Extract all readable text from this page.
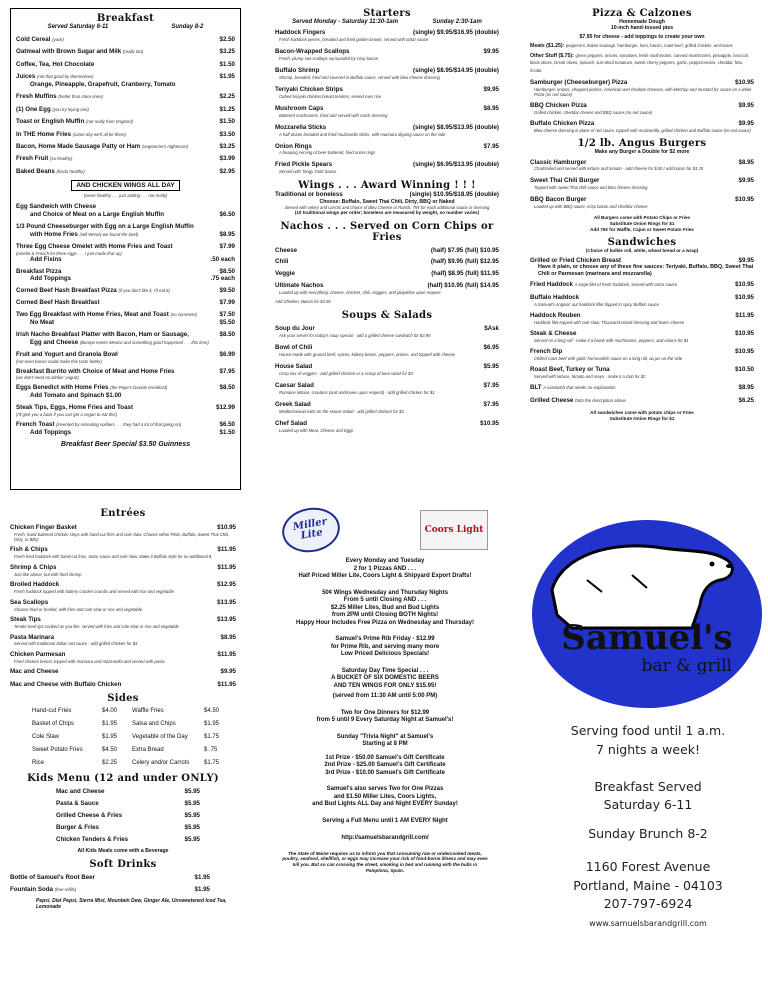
Breakfast
Served Saturday 6-11	Sunday 8-2
Cold Cereal (yuck)	$2.50
Oatmeal with Brown Sugar and Milk (really too)	$3.25
Coffee, Tea, Hot Chocolate	$1.50
Juices (not that good by themselves)	$1.95
Orange, Pineapple, Grapefruit, Cranberry, Tomato
Fresh Muffins (better than store ones)	$2.25
(1) One Egg (you try laying one)	$1.25
Toast or English Muffin (not really from England)	$1.50
In THE Home Fries (same day we'll all be there)	$3.50
Bacon, Home Made Sausage Patty or Ham (vegetarian's nightmare)	$3.25
Fresh Fruit (so healthy)	$3.99
Baked Beans (kinda healthy)	$2.95
AND CHICKEN WINGS ALL DAY
(never healthy . . . just adding . . . not really)
Egg Sandwich with Cheese
and Choice of Meat on a Large English Muffin	$6.50
1/3 Pound Cheeseburger with Egg on a Large English Muffin
with Home Fries (still Wendy we found the beef)	$8.95
Three Egg Cheese Omelet with Home Fries and Toast	$7.99
(omelet & French for three eggs . . . I just made that up)
Add Fixins	.50 each
Breakfast Pizza	$8.50
Add Toppings	.75 each
Corned Beef Hash Breakfast Pizza (if you don't like it, I'll eat it)	$9.50
Corned Beef Hash Breakfast	$7.99
Two Egg Breakfast with Home Fries, Meat and Toast (no comment)	$7.50
No Meat	$5.50
Irish Nacho Breakfast Platter with Bacon, Ham or Sausage,	$8.50
Egg and Cheese (Bumpo meets Mexico and something good happened . . . this time)
Fruit and Yogurt and Granola Bowl	$6.99
(not even bacon could make this taste better)
Breakfast Burrito with Choice of Meat and Home Fries	$7.95
(we don't need no stinkin' yogurt)
Eggs Benedict with Home Fries (the Pope's favorite breakfast)	$8.50
Add Tomato and Spinach $1.00
Steak Tips, Eggs, Home Fries and Toast	$12.99
(I'll give you a buck if you can get a vegan to eat this)
French Toast (invented by retreating soldiers . . . they had a lot of that going on)	$6.50
Add Toppings	$1.50
Breakfast Beer Special $3.50 Guinness
Starters
Served Monday - Saturday 11:30-1am	Sunday 2:30-1am
Haddock Fingers	(single) $9.95/$16.95 (double)
Fresh haddock pieces, breaded and fried golden brown, served with tartar sauce
Bacon-Wrapped Scallops	$9.95
Fresh, plump sea scallops surrounded by crisp bacon
Buffalo Shrimp	(single) $8.95/$14.95 (double)
Shrimp, breaded, fried and covered in Buffalo sauce, served with bleu cheese dressing
Teriyaki Chicken Strips	$9.95
Cubed teriyaki chicken breast tenders, served over rice
Mushroom Caps	$8.95
Battered mushrooms, fried and served with ranch dressing
Mozzarella Sticks	(single) $8.95/$13.95 (double)
A half-dozen breaded and fried mozzarella sticks, with marinara dipping sauce on the side
Onion Rings	$7.95
A heaping serving of beer-battered, fried onion rings
Fried Pickle Spears	(single) $6.95/$13.95 (double)
Served with Tangy Gold Sauce
Wings . . . Award Winning ! ! !
Traditional or boneless	(single) $10.95/$18.95 (double)
Choose: Buffalo, Sweet Thai Chili, Dirty, BBQ or Naked
Served with celery and carrots and choice of Bleu Cheese or Ranch, 75¢ for each additional sauce or dressing
(10 traditional wings per order; boneless are measured by weight, so number varies)
Nachos . . . Served on Corn Chips or Fries
Cheese	(half) $7.95 (full) $10.95
Chili	(half) $9.95 (full) $12.95
Veggie	(half) $8.95 (full) $11.95
Ultimate Nachos	(half) $10.95 (full) $14.95
Loaded up with everything: cheese, chicken, chili, veggies, and jalapeños upon request
Add Chicken, Bacon for $3.50
Soups & Salads
Soup du Jour	$Ask
Ask your server for today's soup special - add a grilled cheese sandwich for $3.95
Bowl of Chili	$6.95
House-made with ground beef, spices, kidney beans, peppers, onions, and topped with cheese
House Salad	$5.95
Crisp mix of veggies - add grilled chicken or a scoop of tuna salad for $3
Caesar Salad	$7.95
Romaine lettuce, croutons (and anchovies upon request) - add grilled chicken for $3
Greek Salad	$7.95
Mediterranean twist on the House Salad - add grilled chicken for $3
Chef Salad	$10.95
Loaded up with Meat, Cheese and Eggs
Pizza & Calzones
Homemade Dough
10-inch hand-tossed pies
$7.95 for cheese - add toppings to create your own
Meats ($1.25): pepperoni, Italian sausage, hamburger, ham, bacon, roast beef, grilled chicken, anchovies
Other Stuff ($.75): green peppers, onions, tomatoes, fresh mushrooms, canned mushrooms, pineapple, broccoli, black olives, Greek olives, spinach, sun-dried tomatoes, sweet cherry peppers, garlic, pepperoncinis, cheddar, feta, ricotta
Samburger (Cheeseburger) Pizza	$10.95
Hamburger, onions, chopped pickles, American and cheddar cheeses, with ketchup and mustard for sauce on a white Pizza (as red sauce)
BBQ Chicken Pizza	$9.95
Grilled chicken, cheddar cheese and BBQ sauce (no red sauce)
Buffalo Chicken Pizza	$9.95
Bleu cheese dressing in place of red sauce, topped with mozzarella, grilled chicken and Buffalo sauce (no red sauce)
1/2 lb. Angus Burgers
Make any Burger a Double for $2 more
Classic Hamburger	$8.95
Charbroiled and served with lettuce and tomato - add cheese for $.50 / add bacon for $1.25
Sweet Thai Chili Burger	$9.95
Topped with sweet Thai chili sauce and bleu cheese dressing
BBQ Bacon Burger	$10.95
Loaded up with BBQ sauce, crisp bacon and cheddar cheese
All Burgers come with Potato Chips or Fries
Substitute Onion Rings for $1
Add 75¢ for Waffle, Cajun or Sweet Potato Fries
Sandwiches
(Choice of bulkie roll, white, wheat bread or a wrap)
Grilled or Fried Chicken Breast	$9.95
Have it plain, or choose any of these fine sauces: Teriyaki, Buffalo, BBQ, Sweet Thai Chili or Parmesan (marinara and mozzarella)
Fried Haddock A large filet of fresh haddock, served with tartar sauce	$10.95
Buffalo Haddock	$10.95
A Samuel's original: our haddock fillet dipped in spicy Buffalo sauce
Haddock Reuben	$11.95
Haddock filet topped with cole slaw, Thousand Island dressing and Swiss cheese
Steak & Cheese	$10.95
Served on a long roll - make it a bomb with mushrooms, peppers, and onions for $1
French Dip	$10.95
Chilled roast beef with garlic horseradish sauce on a long roll, au jus on the side
Roast Beef, Turkey or Tuna	$10.50
Served with lettuce, tomato and mayo - make it a club for $2
BLT A sandwich that needs no explanation	$8.95
Grilled Cheese Ditto the description above	$6.25
All sandwiches come with potato chips or Fries
Substitute Onion Rings for $1
Entrées
Chicken Finger Basket	$10.95
Fresh, hand-battered chicken strips with hand-cut fries and cole slaw. Choose either Plain, Buffalo, Sweet Thai Chili, Dirty, or BBQ
Fish & Chips	$11.95
Fresh fried haddock with hand-cut fries, tartar sauce and cole slaw. Make it Buffalo style for no additional $
Shrimp & Chips	$11.95
Just like above, but with fried shrimp
Broiled Haddock	$12.95
Fresh haddock topped with buttery cracker crumbs and served with rice and vegetable
Sea Scallops	$13.95
Choose fried or broiled, with fries and cole slaw or rice and vegetable
Steak Tips	$13.95
Tender beef tips cooked as you like, served with fries and cole slaw or rice and vegetable
Pasta Marinara	$8.95
Served with traditional Italian red sauce - add grilled chicken for $3
Chicken Parmesan	$11.95
Fried chicken breast, topped with marinara and mozzarella and served with pasta
Mac and Cheese	$9.95
Mac and Cheese with Buffalo Chicken	$11.95
Sides
Hand-cut Fries	$4.00	Waffle Fries	$4.50
Basket of Chips	$1.95	Salsa and Chips	$1.95
Cole Slaw	$1.95	Vegetable of the Day	$1.75
Sweet Potato Fries	$4.50	Extra Bread	$ .75
Rice	$2.25	Celery and/or Carrots	$1.75
Kids Menu (12 and under ONLY)
Mac and Cheese	$5.95
Pasta & Sauce	$5.95
Grilled Cheese & Fries	$5.95
Burger & Fries	$5.95
Chicken Tenders & Fries	$5.95
All Kids Meals come with a Beverage
Soft Drinks
Bottle of Samuel's Root Beer	$1.95
Fountain Soda (free refills)	$1.95
Pepsi, Diet Pepsi, Sierra Mist, Mountain Dew, Ginger Ale, Unsweetened Iced Tea, Lemonade
Miller Lite	Coors Light

Every Monday and Tuesday

2 for 1 Pizzas AND . . .

Half Priced Miller Lite, Coors Light & Shipyard Export Drafts!

50¢ Wings Wednesday and Thursday Nights

From 5 until Closing AND . . .

$2.25 Miller Lites, Bud and Bud Lights

from 2PM until Closing BOTH Nights!

Happy Hour Includes Free Pizza on Wednesday and Thursday!

Samuel's Prime Rib Friday - $12.99

for Prime Rib, and serving many more

Low Priced Delicious Specials!

Saturday Day Time Special . . .

A BUCKET OF SIX DOMESTIC BEERS

AND TEN WINGS FOR ONLY $15.95!

(served from 11:30 AM until 5:00 PM)

Two for One Dinners for $12.99

from 5 until 9 Every Saturday Night at Samuel's!

Sunday "Trivia Night" at Samuel's

Starting at 8 PM

1st Prize - $50.00 Samuel's Gift Certificate

2nd Prize - $25.00 Samuel's Gift Certificate

3rd Prize - $10.00 Samuel's Gift Certificate

Samuel's also serves Two for One Pizzas

and $1.50 Miller Lites, Coors Lights,

and Bud Lights ALL Day and Night EVERY Sunday!

Serving a Full Menu until 1 AM EVERY Night

http://samuelsbarandgrill.com/

The State of Maine requires us to inform you that consuming raw or undercooked meats, poultry, seafood, shellfish, or eggs may increase your risk of food-borne illness and may even kill you. But so can crossing the street, smoking in bed and running with the bulls in Pamplona, Spain.

Samuel's
bar & grill
Serving food until 1 a.m.
7 nights a week!
Breakfast Served
Saturday 6-11
Sunday Brunch 8-2
1160 Forest Avenue
Portland, Maine - 04103
207-797-6924
www.samuelsbarandgrill.com
